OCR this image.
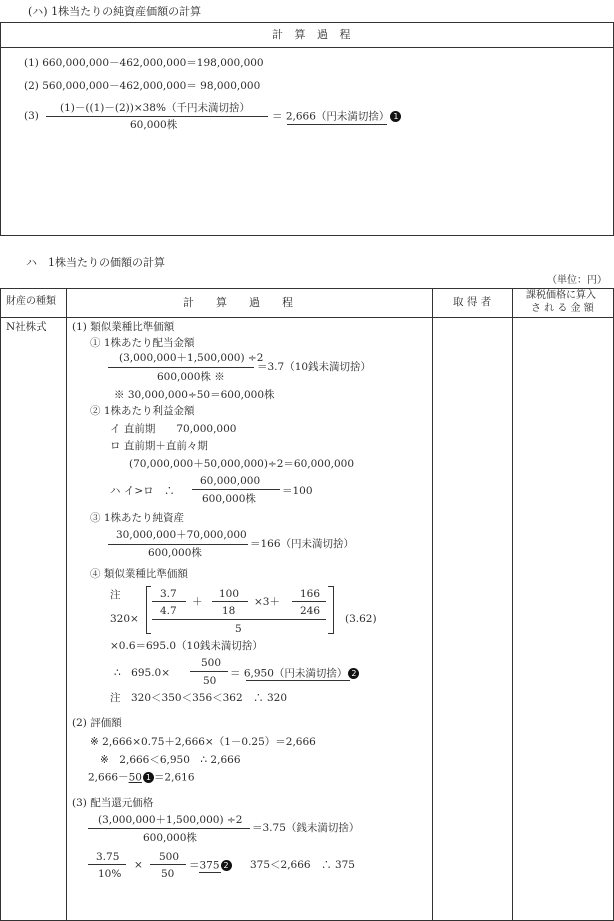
(ハ) 1株当たりの純資産価額の計算
計 算 過 程
(1) 660,000,000－462,000,000＝198,000,000
(2) 560,000,000－462,000,000＝ 98,000,000
(3)
(1)－((1)－(2))×38%（千円未満切捨）
60,000株
＝ 2,666（円未満切捨） 1
ハ　1株当たりの価額の計算
（単位：円）
財産の種類	計　　算　　過　　程	取 得 者
課税価格に算入
さ れ る 金 額
N社株式 (1) 類似業種比準価額
① 1株あたり配当金額
(3,000,000＋1,500,000) ÷2
600,000株 ※
＝3.7（10銭未満切捨）
※ 30,000,000÷50＝600,000株
② 1株あたり利益金額
イ 直前期　　70,000,000
ロ 直前期＋直前々期
(70,000,000＋50,000,000)÷2＝60,000,000
ハ イ>ロ　∴
60,000,000
600,000株
＝100
③ 1株あたり純資産
30,000,000＋70,000,000
600,000株
＝166（円未満切捨）
④ 類似業種比準価額
注
320×
3.7
4.7
＋
100
18
×3＋
166
246
5
(3.62)
×0.6＝695.0（10銭未満切捨）
∴　695.0×
500
50
＝ 6,950（円未満切捨） 2
注　320＜350＜356＜362　∴ 320
(2) 評価額
※ 2,666×0.75＋2,666×（1－0.25）＝2,666
※　2,666＜6,950　∴ 2,666
2,666－50 1 ＝2,616
(3) 配当還元価格
(3,000,000＋1,500,000) ÷2
600,000株
＝3.75（銭未満切捨）
3.75
10%
×
500
50
＝375 2 375＜2,666　∴ 375
